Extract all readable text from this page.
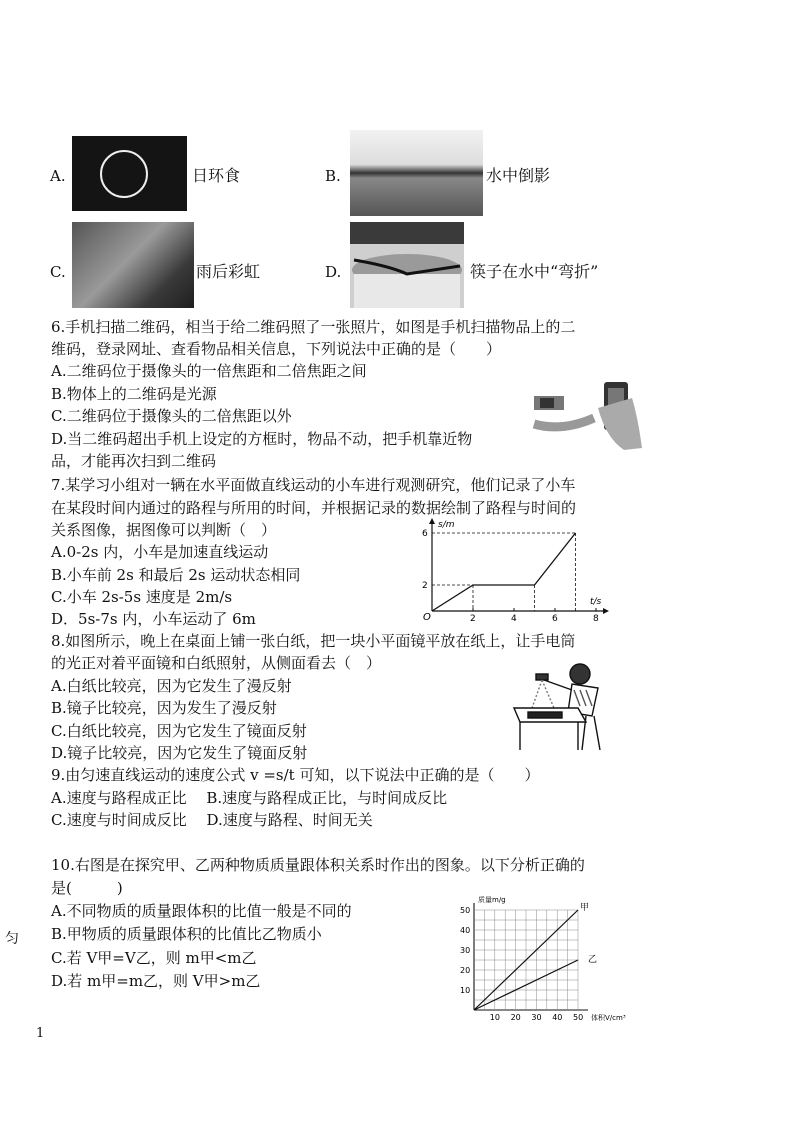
A.	日环食	B.	水中倒影
C.	雨后彩虹	D.	筷子在水中“弯折”
6.手机扫描二维码，相当于给二维码照了一张照片，如图是手机扫描物品上的二
维码，登录网址、查看物品相关信息，下列说法中正确的是（　　）
A.二维码位于摄像头的一倍焦距和二倍焦距之间
B.物体上的二维码是光源
C.二维码位于摄像头的二倍焦距以外
D.当二维码超出手机上设定的方框时，物品不动，把手机靠近物
品，才能再次扫到二维码
7.某学习小组对一辆在水平面做直线运动的小车进行观测研究，他们记录了小车
在某段时间内通过的路程与所用的时间，并根据记录的数据绘制了路程与时间的
关系图像，据图像可以判断（　）
A.0-2s 内，小车是加速直线运动
B.小车前 2s 和最后 2s 运动状态相同
C.小车 2s-5s 速度是 2m/s
D．5s-7s 内，小车运动了 6m
s/m
t/s
O	2	4	6	8
2
6
8.如图所示，晚上在桌面上铺一张白纸，把一块小平面镜平放在纸上，让手电筒
的光正对着平面镜和白纸照射，从侧面看去（　）
A.白纸比较亮，因为它发生了漫反射
B.镜子比较亮，因为发生了漫反射
C.白纸比较亮，因为它发生了镜面反射
D.镜子比较亮，因为它发生了镜面反射
9.由匀速直线运动的速度公式 v =s/t 可知，以下说法中正确的是（　　）
A.速度与路程成正比　 B.速度与路程成正比，与时间成反比
C.速度与时间成反比　 D.速度与路程、时间无关
10.右图是在探究甲、乙两种物质质量跟体积关系时作出的图象。以下分析正确的
是(　　　)
A.不同物质的质量跟体积的比值一般是不同的
B.甲物质的质量跟体积的比值比乙物质小
C.若 V甲=V乙，则 m甲<m乙
D.若 m甲=m乙，则 V甲>m乙
质量m/g
体积V/cm³
10 20 30 40 50
10
20
30
40
50	甲
乙
匀
1
